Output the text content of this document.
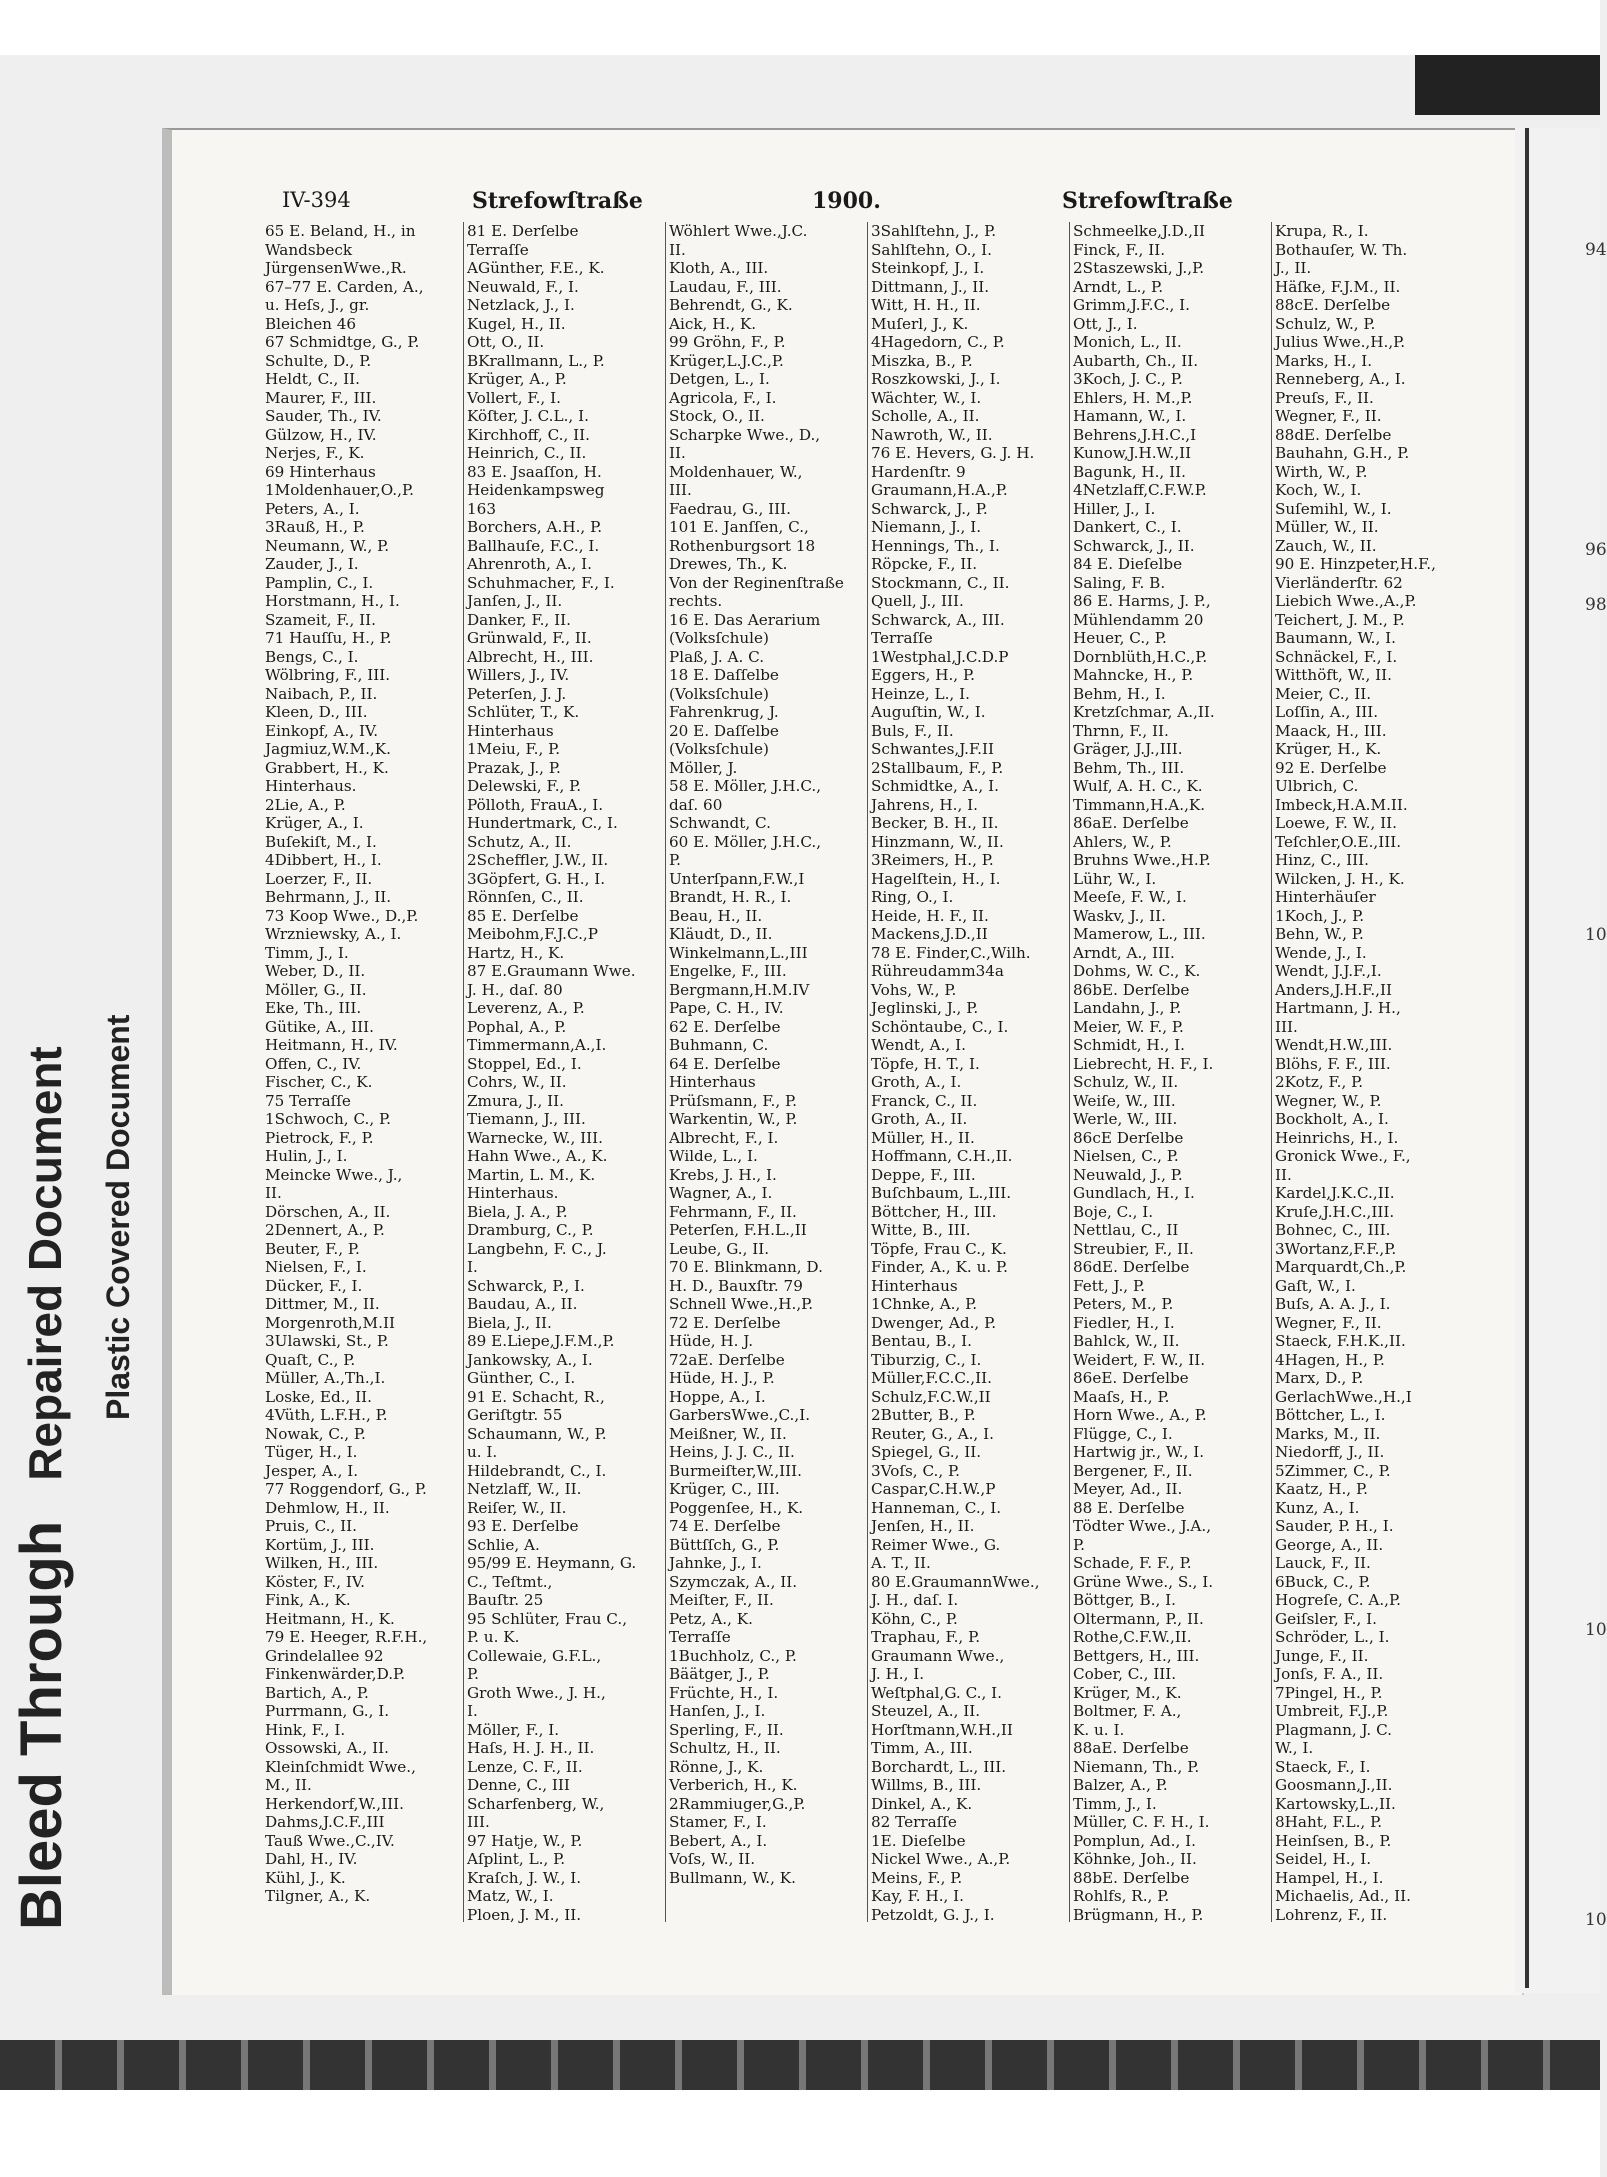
Bleed ThroughRepaired Document Plastic Covered Document
94
96
98
10
10
10
IV-394	Strefowſtraße	1900.	Strefowſtraße
65 E. Beland, H., in
Wandsbeck
JürgensenWwe.,R.
67–77 E. Carden, A.,
u. Heſs, J., gr.
Bleichen 46
67 Schmidtge, G., P.
Schulte, D., P.
Heldt, C., II.
Maurer, F., III.
Sauder, Th., IV.
Gülzow, H., IV.
Nerjes, F., K.
69 Hinterhaus
1Moldenhauer,O.,P.
Peters, A., I.
3Rauß, H., P.
Neumann, W., P.
Zauder, J., I.
Pamplin, C., I.
Horstmann, H., I.
Szameit, F., II.
71 Hauſſu, H., P.
Bengs, C., I.
Wölbring, F., III.
Naibach, P., II.
Kleen, D., III.
Einkopf, A., IV.
Jagmiuz,W.M.,K.
Grabbert, H., K.
Hinterhaus.
2Lie, A., P.
Krüger, A., I.
Buſekiſt, M., I.
4Dibbert, H., I.
Loerzer, F., II.
Behrmann, J., II.
73 Koop Wwe., D.,P.
Wrzniewsky, A., I.
Timm, J., I.
Weber, D., II.
Möller, G., II.
Eke, Th., III.
Gütike, A., III.
Heitmann, H., IV.
Offen, C., IV.
Fischer, C., K.
75 Terraſſe
1Schwoch, C., P.
Pietrock, F., P.
Hulin, J., I.
Meincke Wwe., J.,
II.
Dörschen, A., II.
2Dennert, A., P.
Beuter, F., P.
Nielsen, F., I.
Dücker, F., I.
Dittmer, M., II.
Morgenroth,M.II
3Ulawski, St., P.
Quaſt, C., P.
Müller, A.,Th.,I.
Loske, Ed., II.
4Vüth, L.F.H., P.
Nowak, C., P.
Tüger, H., I.
Jesper, A., I.
77 Roggendorf, G., P.
Dehmlow, H., II.
Pruis, C., II.
Kortüm, J., III.
Wilken, H., III.
Köster, F., IV.
Fink, A., K.
Heitmann, H., K.
79 E. Heeger, R.F.H.,
Grindelallee 92
Finkenwärder,D.P.
Bartich, A., P.
Purrmann, G., I.
Hink, F., I.
Ossowski, A., II.
Kleinſchmidt Wwe.,
M., II.
Herkendorf,W.,III.
Dahms,J.C.F.,III
Tauß Wwe.,C.,IV.
Dahl, H., IV.
Kühl, J., K.
Tilgner, A., K.
81 E. Derſelbe
Terraſſe
AGünther, F.E., K.
Neuwald, F., I.
Netzlack, J., I.
Kugel, H., II.
Ott, O., II.
BKrallmann, L., P.
Krüger, A., P.
Vollert, F., I.
Köſter, J. C.L., I.
Kirchhoff, C., II.
Heinrich, C., II.
83 E. Jsaaſſon, H.
Heidenkampsweg
163
Borchers, A.H., P.
Ballhauſe, F.C., I.
Ahrenroth, A., I.
Schuhmacher, F., I.
Janſen, J., II.
Danker, F., II.
Grünwald, F., II.
Albrecht, H., III.
Willers, J., IV.
Peterſen, J. J.
Schlüter, T., K.
Hinterhaus
1Meiu, F., P.
Prazak, J., P.
Delewski, F., P.
Pölloth, FrauA., I.
Hundertmark, C., I.
Schutz, A., II.
2Scheffler, J.W., II.
3Göpfert, G. H., I.
Rönnſen, C., II.
85 E. Derſelbe
Meibohm,F.J.C.,P
Hartz, H., K.
87 E.Graumann Wwe.
J. H., daſ. 80
Leverenz, A., P.
Pophal, A., P.
Timmermann,A.,I.
Stoppel, Ed., I.
Cohrs, W., II.
Zmura, J., II.
Tiemann, J., III.
Warnecke, W., III.
Hahn Wwe., A., K.
Martin, L. M., K.
Hinterhaus.
Biela, J. A., P.
Dramburg, C., P.
Langbehn, F. C., J.
I.
Schwarck, P., I.
Baudau, A., II.
Biela, J., II.
89 E.Liepe,J.F.M.,P.
Jankowsky, A., I.
Günther, C., I.
91 E. Schacht, R.,
Geriſtgtr. 55
Schaumann, W., P.
u. I.
Hildebrandt, C., I.
Netzlaff, W., II.
Reiſer, W., II.
93 E. Derſelbe
Schlie, A.
95/99 E. Heymann, G.
C., Teſtmt.,
Bauſtr. 25
95 Schlüter, Frau C.,
P. u. K.
Collewaie, G.F.L.,
P.
Groth Wwe., J. H.,
I.
Möller, F., I.
Haſs, H. J. H., II.
Lenze, C. F., II.
Denne, C., III
Scharfenberg, W.,
III.
97 Hatje, W., P.
Aſplint, L., P.
Kraſch, J. W., I.
Matz, W., I.
Ploen, J. M., II.
Wöhlert Wwe.,J.C.
II.
Kloth, A., III.
Laudau, F., III.
Behrendt, G., K.
Aick, H., K.
99 Gröhn, F., P.
Krüger,L.J.C.,P.
Detgen, L., I.
Agricola, F., I.
Stock, O., II.
Scharpke Wwe., D.,
II.
Moldenhauer, W.,
III.
Faedrau, G., III.
101 E. Janſſen, C.,
Rothenburgsort 18
Drewes, Th., K.
Von der Reginenſtraße
rechts.
16 E. Das Aerarium
(Volksſchule)
Plaß, J. A. C.
18 E. Daſſelbe
(Volksſchule)
Fahrenkrug, J.
20 E. Daſſelbe
(Volksſchule)
Möller, J.
58 E. Möller, J.H.C.,
daſ. 60
Schwandt, C.
60 E. Möller, J.H.C.,
P.
Unterſpann,F.W.,I
Brandt, H. R., I.
Beau, H., II.
Kläudt, D., II.
Winkelmann,L.,III
Engelke, F., III.
Bergmann,H.M.IV
Pape, C. H., IV.
62 E. Derſelbe
Buhmann, C.
64 E. Derſelbe
Hinterhaus
Prüſsmann, F., P.
Warkentin, W., P.
Albrecht, F., I.
Wilde, L., I.
Krebs, J. H., I.
Wagner, A., I.
Fehrmann, F., II.
Peterſen, F.H.L.,II
Leube, G., II.
70 E. Blinkmann, D.
H. D., Bauxſtr. 79
Schnell Wwe.,H.,P.
72 E. Derſelbe
Hüde, H. J.
72aE. Derſelbe
Hüde, H. J., P.
Hoppe, A., I.
GarbersWwe.,C.,I.
Meißner, W., II.
Heins, J. J. C., II.
Burmeiſter,W.,III.
Krüger, C., III.
Poggenſee, H., K.
74 E. Derſelbe
Büttſſch, G., P.
Jahnke, J., I.
Szymczak, A., II.
Meiſter, F., II.
Petz, A., K.
Terraſſe
1Buchholz, C., P.
Bäätger, J., P.
Früchte, H., I.
Hanſen, J., I.
Sperling, F., II.
Schultz, H., II.
Rönne, J., K.
Verberich, H., K.
2Rammiuger,G.,P.
Stamer, F., I.
Bebert, A., I.
Voſs, W., II.
Bullmann, W., K.
3Sahlſtehn, J., P.
Sahlſtehn, O., I.
Steinkopf, J., I.
Dittmann, J., II.
Witt, H. H., II.
Muſerl, J., K.
4Hagedorn, C., P.
Miszka, B., P.
Roszkowski, J., I.
Wächter, W., I.
Scholle, A., II.
Nawroth, W., II.
76 E. Hevers, G. J. H.
Hardenſtr. 9
Graumann,H.A.,P.
Schwarck, J., P.
Niemann, J., I.
Hennings, Th., I.
Röpcke, F., II.
Stockmann, C., II.
Quell, J., III.
Schwarck, A., III.
Terraſſe
1Westphal,J.C.D.P
Eggers, H., P.
Heinze, L., I.
Auguſtin, W., I.
Buls, F., II.
Schwantes,J.F.II
2Stallbaum, F., P.
Schmidtke, A., I.
Jahrens, H., I.
Becker, B. H., II.
Hinzmann, W., II.
3Reimers, H., P.
Hagelſtein, H., I.
Ring, O., I.
Heide, H. F., II.
Mackens,J.D.,II
78 E. Finder,C.,Wilh.
Rühreudamm34a
Vohs, W., P.
Jeglinski, J., P.
Schöntaube, C., I.
Wendt, A., I.
Töpfe, H. T., I.
Groth, A., I.
Franck, C., II.
Groth, A., II.
Müller, H., II.
Hoffmann, C.H.,II.
Deppe, F., III.
Buſchbaum, L.,III.
Böttcher, H., III.
Witte, B., III.
Töpfe, Frau C., K.
Finder, A., K. u. P.
Hinterhaus
1Chnke, A., P.
Dwenger, Ad., P.
Bentau, B., I.
Tiburzig, C., I.
Müller,F.C.C.,II.
Schulz,F.C.W.,II
2Butter, B., P.
Reuter, G., A., I.
Spiegel, G., II.
3Voſs, C., P.
Caspar,C.H.W.,P
Hanneman, C., I.
Jenſen, H., II.
Reimer Wwe., G.
A. T., II.
80 E.GraumannWwe.,
J. H., daſ. I.
Köhn, C., P.
Traphau, F., P.
Graumann Wwe.,
J. H., I.
Weſtphal,G. C., I.
Steuzel, A., II.
Horſtmann,W.H.,II
Timm, A., III.
Borchardt, L., III.
Willms, B., III.
Dinkel, A., K.
82 Terraſſe
1E. Dieſelbe
Nickel Wwe., A.,P.
Meins, F., P.
Kay, F. H., I.
Petzoldt, G. J., I.
Schmeelke,J.D.,II
Finck, F., II.
2Staszewski, J.,P.
Arndt, L., P.
Grimm,J.F.C., I.
Ott, J., I.
Monich, L., II.
Aubarth, Ch., II.
3Koch, J. C., P.
Ehlers, H. M.,P.
Hamann, W., I.
Behrens,J.H.C.,I
Kunow,J.H.W.,II
Bagunk, H., II.
4Netzlaff,C.F.W.P.
Hiller, J., I.
Dankert, C., I.
Schwarck, J., II.
84 E. Dieſelbe
Saling, F. B.
86 E. Harms, J. P.,
Mühlendamm 20
Heuer, C., P.
Dornblüth,H.C.,P.
Mahncke, H., P.
Behm, H., I.
Kretzſchmar, A.,II.
Thrnn, F., II.
Gräger, J.J.,III.
Behm, Th., III.
Wulf, A. H. C., K.
Timmann,H.A.,K.
86aE. Derſelbe
Ahlers, W., P.
Bruhns Wwe.,H.P.
Lühr, W., I.
Meeſe, F. W., I.
Waskv, J., II.
Mamerow, L., III.
Arndt, A., III.
Dohms, W. C., K.
86bE. Derſelbe
Landahn, J., P.
Meier, W. F., P.
Schmidt, H., I.
Liebrecht, H. F., I.
Schulz, W., II.
Weiſe, W., III.
Werle, W., III.
86cE Derſelbe
Nielsen, C., P.
Neuwald, J., P.
Gundlach, H., I.
Boje, C., I.
Nettlau, C., II
Streubier, F., II.
86dE. Derſelbe
Fett, J., P.
Peters, M., P.
Fiedler, H., I.
Bahlck, W., II.
Weidert, F. W., II.
86eE. Derſelbe
Maaſs, H., P.
Horn Wwe., A., P.
Flügge, C., I.
Hartwig jr., W., I.
Bergener, F., II.
Meyer, Ad., II.
88 E. Derſelbe
Tödter Wwe., J.A.,
P.
Schade, F. F., P.
Grüne Wwe., S., I.
Böttger, B., I.
Oltermann, P., II.
Rothe,C.F.W.,II.
Bettgers, H., III.
Cober, C., III.
Krüger, M., K.
Boltmer, F. A.,
K. u. I.
88aE. Derſelbe
Niemann, Th., P.
Balzer, A., P.
Timm, J., I.
Müller, C. F. H., I.
Pomplun, Ad., I.
Köhnke, Joh., II.
88bE. Derſelbe
Rohlfs, R., P.
Brügmann, H., P.
Krupa, R., I.
Bothauſer, W. Th.
J., II.
Häſke, F.J.M., II.
88cE. Derſelbe
Schulz, W., P.
Julius Wwe.,H.,P.
Marks, H., I.
Renneberg, A., I.
Preuſs, F., II.
Wegner, F., II.
88dE. Derſelbe
Bauhahn, G.H., P.
Wirth, W., P.
Koch, W., I.
Suſemihl, W., I.
Müller, W., II.
Zauch, W., II.
90 E. Hinzpeter,H.F.,
Vierländerſtr. 62
Liebich Wwe.,A.,P.
Teichert, J. M., P.
Baumann, W., I.
Schnäckel, F., I.
Witthöft, W., II.
Meier, C., II.
Loſſin, A., III.
Maack, H., III.
Krüger, H., K.
92 E. Derſelbe
Ulbrich, C.
Imbeck,H.A.M.II.
Loewe, F. W., II.
Teſchler,O.E.,III.
Hinz, C., III.
Wilcken, J. H., K.
Hinterhäuſer
1Koch, J., P.
Behn, W., P.
Wende, J., I.
Wendt, J.J.F.,I.
Anders,J.H.F.,II
Hartmann, J. H.,
III.
Wendt,H.W.,III.
Blöhs, F. F., III.
2Kotz, F., P.
Wegner, W., P.
Bockholt, A., I.
Heinrichs, H., I.
Gronick Wwe., F.,
II.
Kardel,J.K.C.,II.
Kruſe,J.H.C.,III.
Bohnec, C., III.
3Wortanz,F.F.,P.
Marquardt,Ch.,P.
Gaſt, W., I.
Buſs, A. A. J., I.
Wegner, F., II.
Staeck, F.H.K.,II.
4Hagen, H., P.
Marx, D., P.
GerlachWwe.,H.,I
Böttcher, L., I.
Marks, M., II.
Niedorff, J., II.
5Zimmer, C., P.
Kaatz, H., P.
Kunz, A., I.
Sauder, P. H., I.
George, A., II.
Lauck, F., II.
6Buck, C., P.
Hogreſe, C. A.,P.
Geiſsler, F., I.
Schröder, L., I.
Junge, F., II.
Jonſs, F. A., II.
7Pingel, H., P.
Umbreit, F.J.,P.
Plagmann, J. C.
W., I.
Staeck, F., I.
Goosmann,J.,II.
Kartowsky,L.,II.
8Haht, F.L., P.
Heinſsen, B., P.
Seidel, H., I.
Hampel, H., I.
Michaelis, Ad., II.
Lohrenz, F., II.
